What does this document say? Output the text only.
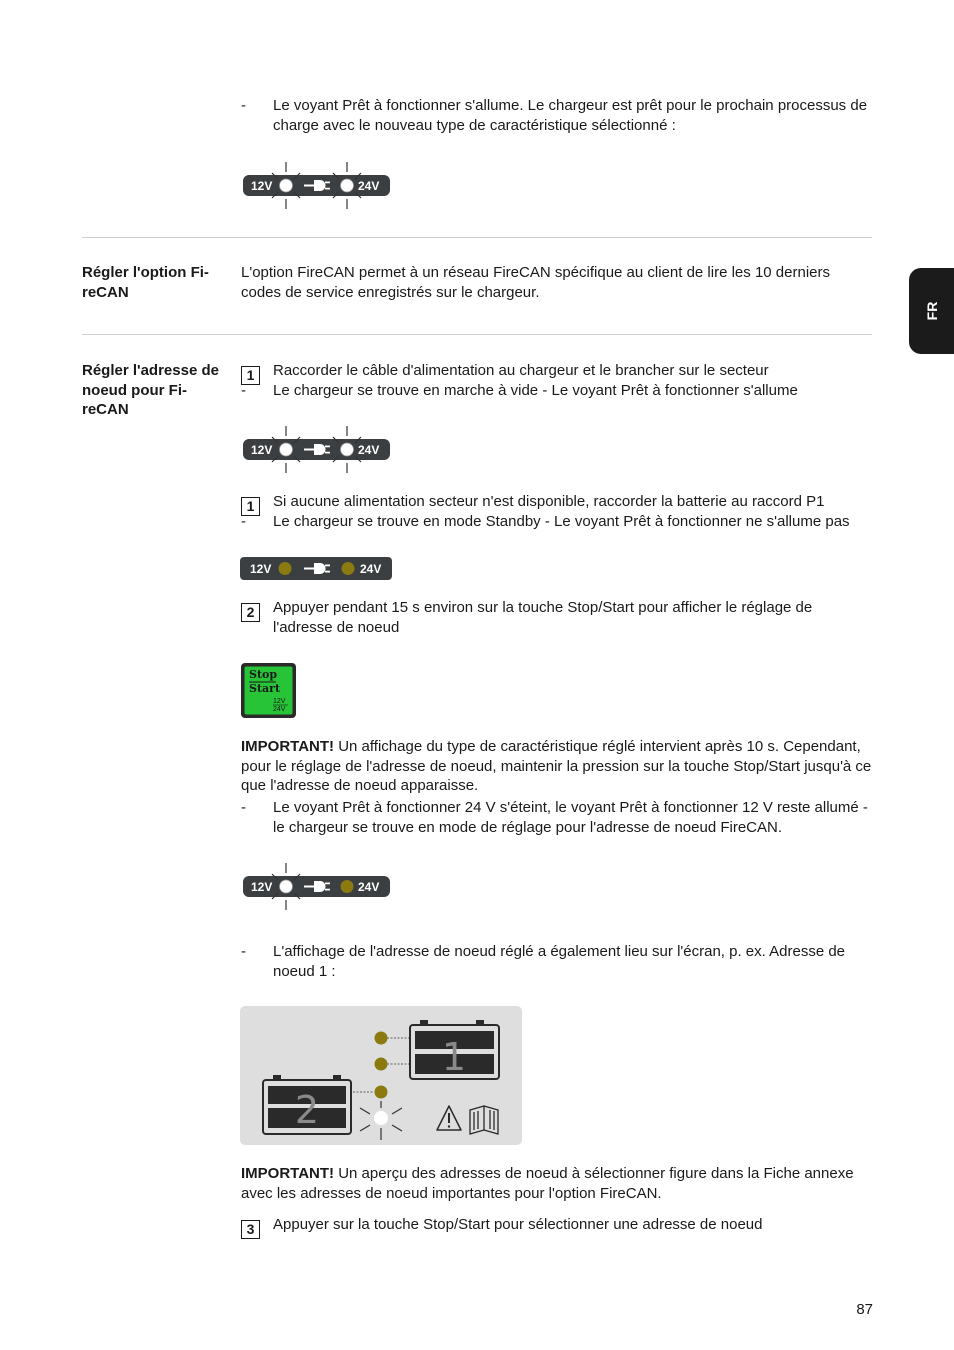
FR
-	Le voyant Prêt à fonctionner s'allume. Le chargeur est prêt pour le prochain processus de charge avec le nouveau type de caractéristique sélectionné :
12V	24V
Régler l'option Fi-reCAN
L'option FireCAN permet à un réseau FireCAN spécifique au client de lire les 10 derniers codes de service enregistrés sur le chargeur.
Régler l'adresse de noeud pour Fi-reCAN
1	Raccorder le câble d'alimentation au chargeur et le brancher sur le secteur
-	Le chargeur se trouve en marche à vide - Le voyant Prêt à fonctionner s'allume
12V	24V
1	Si aucune alimentation secteur n'est disponible, raccorder la batterie au raccord P1
-	Le chargeur se trouve en mode Standby - Le voyant Prêt à fonctionner ne s'allume pas
12V	24V
2	Appuyer pendant 15 s environ sur la touche Stop/Start pour afficher le réglage de l'adresse de noeud
Stop
Start
12V
24V
IMPORTANT! Un affichage du type de caractéristique réglé intervient après 10 s. Cependant, pour le réglage de l'adresse de noeud, maintenir la pression sur la touche Stop/Start jusqu'à ce que l'adresse de noeud apparaisse.
-	Le voyant Prêt à fonctionner 24 V s'éteint, le voyant Prêt à fonctionner 12 V reste allumé - le chargeur se trouve en mode de réglage pour l'adresse de noeud FireCAN.
12V	24V
-	L'affichage de l'adresse de noeud réglé a également lieu sur l'écran, p. ex. Adresse de noeud 1 :
1
2
IMPORTANT! Un aperçu des adresses de noeud à sélectionner figure dans la Fiche annexe avec les adresses de noeud importantes pour l'option FireCAN.
3	Appuyer sur la touche Stop/Start pour sélectionner une adresse de noeud
87
